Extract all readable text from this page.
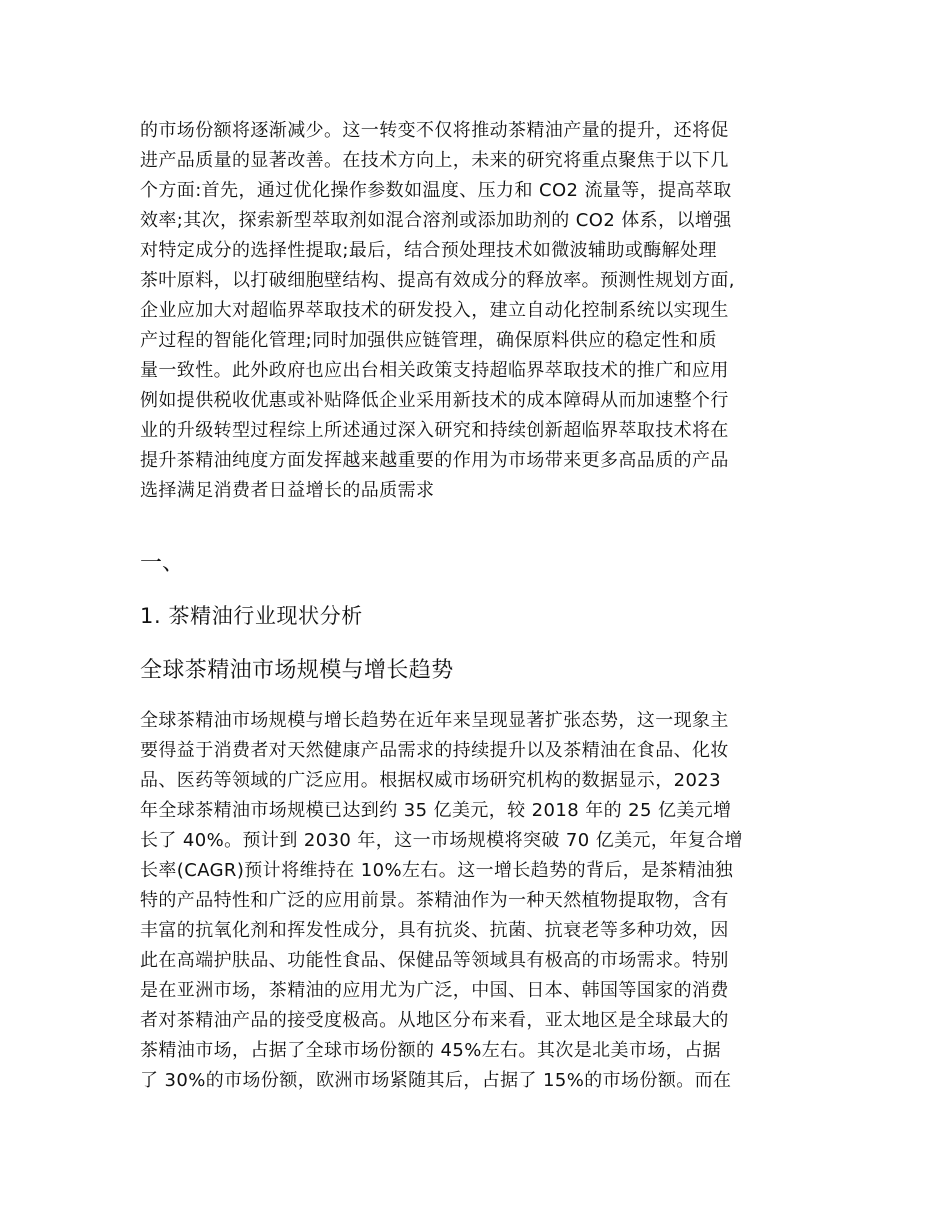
的市场份额将逐渐减少。这一转变不仅将推动茶精油产量的提升，还将促
进产品质量的显著改善。在技术方向上，未来的研究将重点聚焦于以下几
个方面:首先，通过优化操作参数如温度、压力和 CO2 流量等，提高萃取
效率;其次，探索新型萃取剂如混合溶剂或添加助剂的 CO2 体系，以增强
对特定成分的选择性提取;最后，结合预处理技术如微波辅助或酶解处理
茶叶原料，以打破细胞壁结构、提高有效成分的释放率。预测性规划方面,
企业应加大对超临界萃取技术的研发投入，建立自动化控制系统以实现生
产过程的智能化管理;同时加强供应链管理，确保原料供应的稳定性和质
量一致性。此外政府也应出台相关政策支持超临界萃取技术的推广和应用
例如提供税收优惠或补贴降低企业采用新技术的成本障碍从而加速整个行
业的升级转型过程综上所述通过深入研究和持续创新超临界萃取技术将在
提升茶精油纯度方面发挥越来越重要的作用为市场带来更多高品质的产品
选择满足消费者日益增长的品质需求
一、
1. 茶精油行业现状分析
全球茶精油市场规模与增长趋势
全球茶精油市场规模与增长趋势在近年来呈现显著扩张态势，这一现象主
要得益于消费者对天然健康产品需求的持续提升以及茶精油在食品、化妆
品、医药等领域的广泛应用。根据权威市场研究机构的数据显示，2023
年全球茶精油市场规模已达到约 35 亿美元，较 2018 年的 25 亿美元增
长了 40%。预计到 2030 年，这一市场规模将突破 70 亿美元，年复合增
长率(CAGR)预计将维持在 10%左右。这一增长趋势的背后，是茶精油独
特的产品特性和广泛的应用前景。茶精油作为一种天然植物提取物，含有
丰富的抗氧化剂和挥发性成分，具有抗炎、抗菌、抗衰老等多种功效，因
此在高端护肤品、功能性食品、保健品等领域具有极高的市场需求。特别
是在亚洲市场，茶精油的应用尤为广泛，中国、日本、韩国等国家的消费
者对茶精油产品的接受度极高。从地区分布来看，亚太地区是全球最大的
茶精油市场，占据了全球市场份额的 45%左右。其次是北美市场，占据
了 30%的市场份额，欧洲市场紧随其后，占据了 15%的市场份额。而在
